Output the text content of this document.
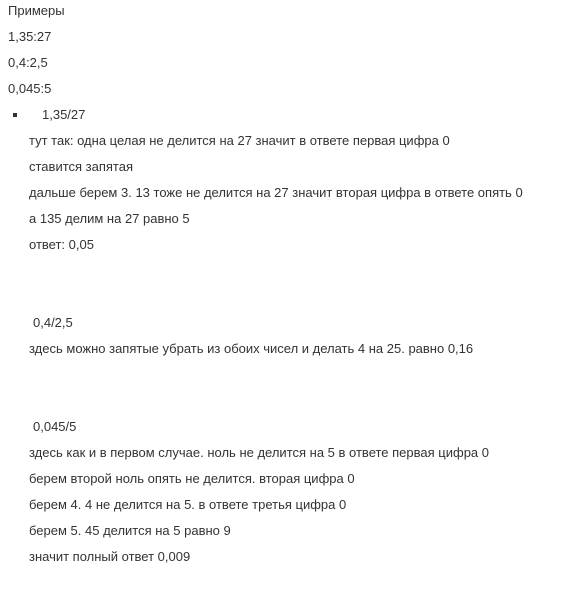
Примеры
1,35:27
0,4:2,5
0,045:5
1,35/27
тут так: одна целая не делится на 27 значит в ответе первая цифра 0
ставится запятая
дальше берем 3. 13 тоже не делится на 27 значит вторая цифра в ответе опять 0
а 135 делим на 27 равно 5
ответ: 0,05
0,4/2,5
здесь можно запятые убрать из обоих чисел и делать 4 на 25. равно 0,16
0,045/5
здесь как и в первом случае. ноль не делится на 5 в ответе первая цифра 0
берем второй ноль опять не делится. вторая цифра 0
берем 4. 4 не делится на 5. в ответе третья цифра 0
берем 5. 45 делится на 5 равно 9
значит полный ответ 0,009
